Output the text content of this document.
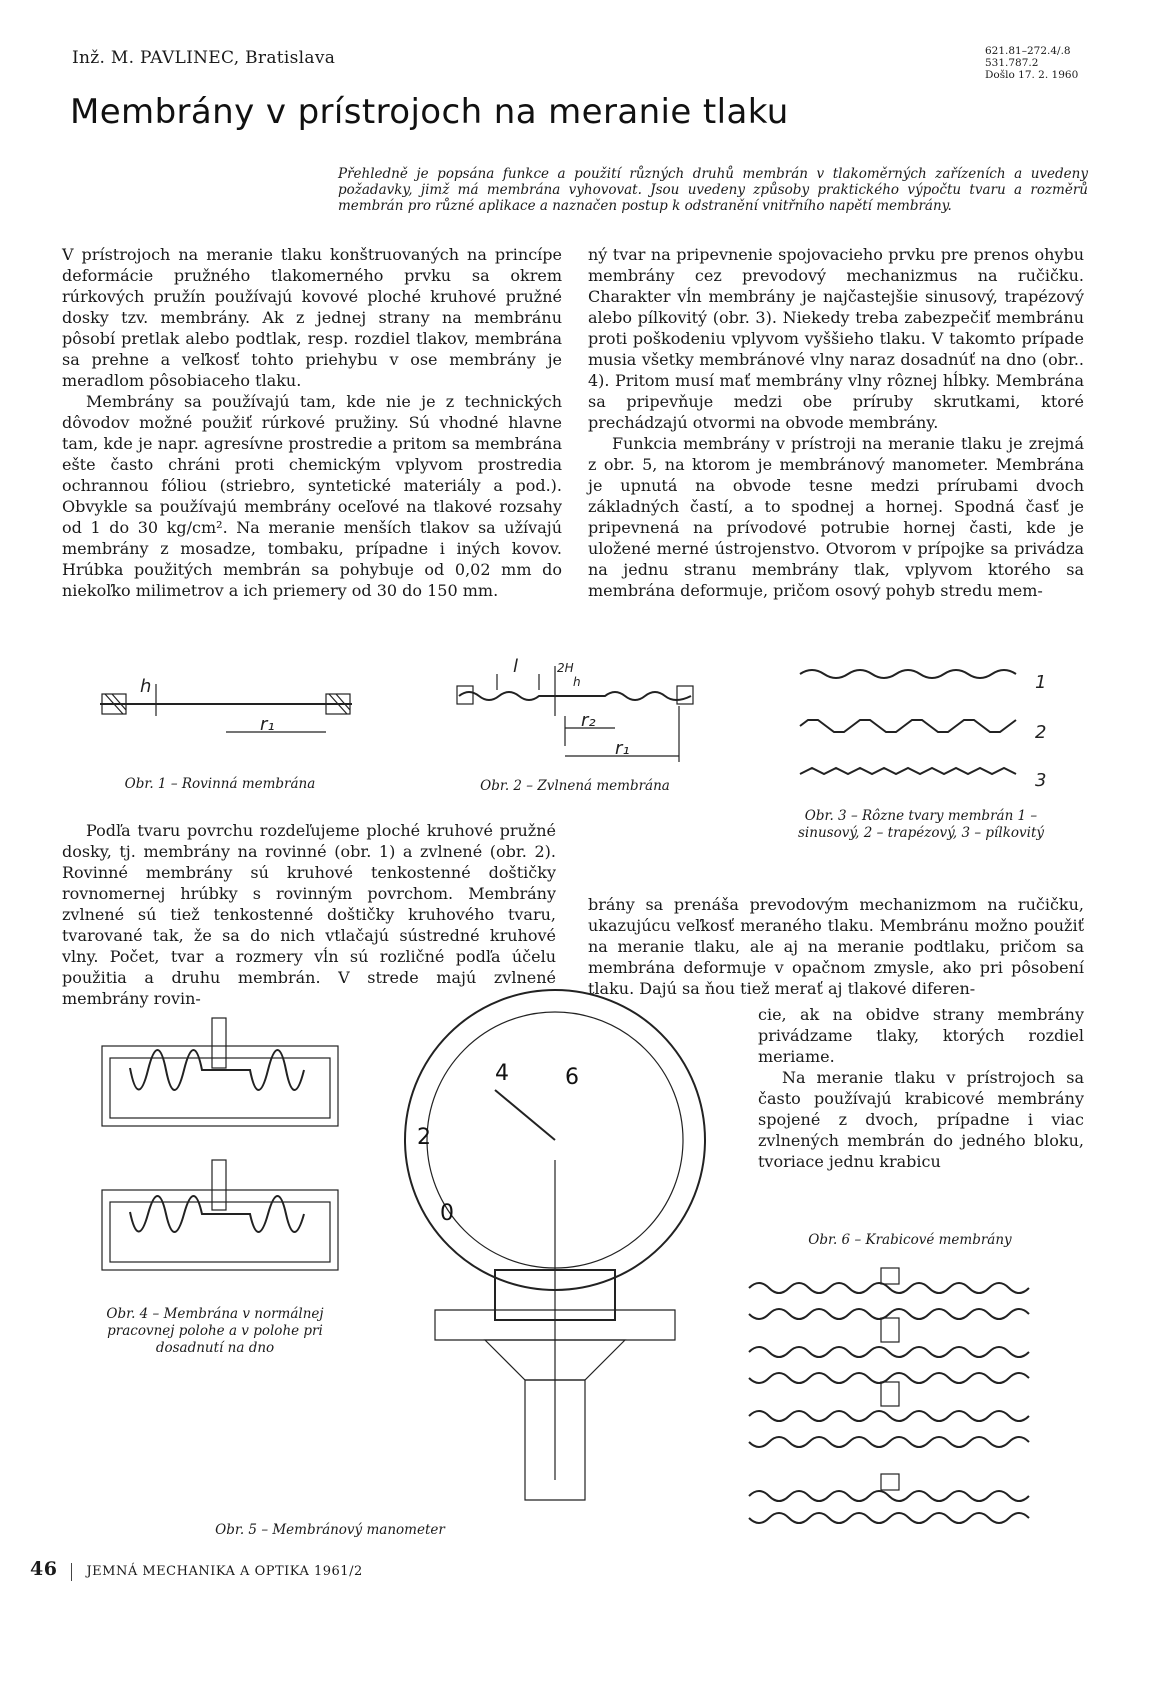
Inž. M. PAVLINEC, Bratislava	621.81–272.4/.8
531.787.2
Došlo 17. 2. 1960
Membrány v prístrojoch na meranie tlaku
Přehledně je popsána funkce a použití různých druhů membrán v tlakoměrných zařízeních a uvedeny požadavky, jimž má membrána vyhovovat. Jsou uvedeny způsoby praktického výpočtu tvaru a rozměrů membrán pro různé aplikace a naznačen postup k odstranění vnitřního napětí membrány.

V prístrojoch na meranie tlaku konštruovaných na princípe deformácie pružného tlakomerného prvku sa okrem rúrkových pružín používajú kovové ploché kruhové pružné dosky tzv. membrány. Ak z jednej strany na membránu pôsobí pretlak alebo podtlak, resp. rozdiel tlakov, membrána sa prehne a veľkosť tohto priehybu v ose membrány je meradlom pôsobiaceho tlaku.

Membrány sa používajú tam, kde nie je z technických dôvodov možné použiť rúrkové pružiny. Sú vhodné hlavne tam, kde je napr. agresívne prostredie a pritom sa membrána ešte často chráni proti chemickým vplyvom prostredia ochrannou fóliou (striebro, syntetické materiály a pod.). Obvykle sa používajú membrány oceľové na tlakové rozsahy od 1 do 30 kg/cm². Na meranie menších tlakov sa užívajú membrány z mosadze, tombaku, prípadne i iných kovov. Hrúbka použitých membrán sa pohybuje od 0,02 mm do niekoľko milimetrov a ich priemery od 30 do 150 mm.

ný tvar na pripevnenie spojovacieho prvku pre prenos ohybu membrány cez prevodový mechanizmus na ručičku. Charakter vĺn membrány je najčastejšie sinusový, trapézový alebo pílkovitý (obr. 3). Niekedy treba zabezpečiť membránu proti poškodeniu vplyvom vyššieho tlaku. V takomto prípade musia všetky membránové vlny naraz dosadnúť na dno (obr.. 4). Pritom musí mať membrány vlny rôznej hĺbky. Membrána sa pripevňuje medzi obe príruby skrutkami, ktoré prechádzajú otvormi na obvode membrány.

Funkcia membrány v prístroji na meranie tlaku je zrejmá z obr. 5, na ktorom je membránový manometer. Membrána je upnutá na obvode tesne medzi prírubami dvoch základných častí, a to spodnej a hornej. Spodná časť je pripevnená na prívodové potrubie hornej časti, kde je uložené merné ústrojenstvo. Otvorom v prípojke sa privádza na jednu stranu membrány tlak, vplyvom ktorého sa membrána deformuje, pričom osový pohyb stredu mem-

h
r₁
Obr. 1 – Rovinná membrána
l	2H
h
r₂
r₁
Obr. 2 – Zvlnená membrána
1
2
3
Obr. 3 – Rôzne tvary membrán 1 – sinusový, 2 – trapézový, 3 – pílkovitý

Podľa tvaru povrchu rozdeľujeme ploché kruhové pružné dosky, tj. membrány na rovinné (obr. 1) a zvlnené (obr. 2). Rovinné membrány sú kruhové tenkostenné doštičky rovnomernej hrúbky s rovinným povrchom. Membrány zvlnené sú tiež tenkostenné doštičky kruhového tvaru, tvarované tak, že sa do nich vtlačajú sústredné kruhové vlny. Počet, tvar a rozmery vĺn sú rozličné podľa účelu použitia a druhu membrán. V strede majú zvlnené membrány rovin-

brány sa prenáša prevodovým mechanizmom na ručičku, ukazujúcu veľkosť meraného tlaku. Membránu možno použiť na meranie tlaku, ale aj na meranie podtlaku, pričom sa membrána deformuje v opačnom zmysle, ako pri pôsobení tlaku. Dajú sa ňou tiež merať aj tlakové diferen-

cie, ak na obidve strany membrány privádzame tlaky, ktorých rozdiel meriame.

Na meranie tlaku v prístrojoch sa často používajú krabicové membrány spojené z dvoch, prípadne i viac zvlnených membrán do jedného bloku, tvoriace jednu krabicu

Obr. 4 – Membrána v normálnej pracovnej polohe a v polohe pri dosadnutí na dno
0
2
4	6
Obr. 5 – Membránový manometer
Obr. 6 – Krabicové membrány
46 JEMNÁ MECHANIKA A OPTIKA 1961/2
